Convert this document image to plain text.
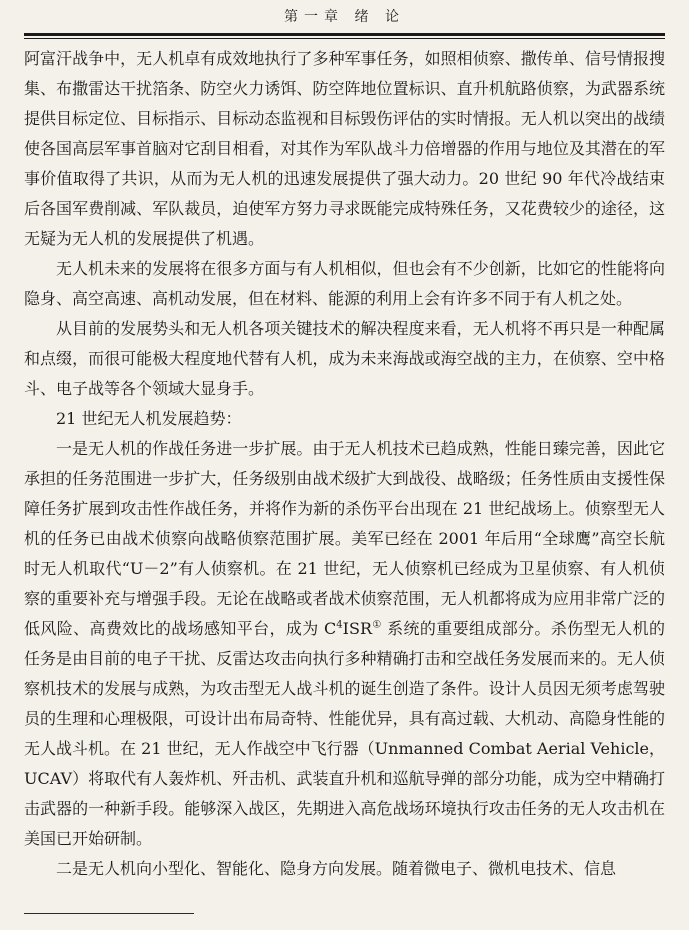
第一章 绪 论

阿富汗战争中，无人机卓有成效地执行了多种军事任务，如照相侦察、撒传单、信号情报搜集、布撒雷达干扰箔条、防空火力诱饵、防空阵地位置标识、直升机航路侦察，为武器系统提供目标定位、目标指示、目标动态监视和目标毁伤评估的实时情报。无人机以突出的战绩使各国高层军事首脑对它刮目相看，对其作为军队战斗力倍增器的作用与地位及其潜在的军事价值取得了共识，从而为无人机的迅速发展提供了强大动力。20 世纪 90 年代冷战结束后各国军费削减、军队裁员，迫使军方努力寻求既能完成特殊任务，又花费较少的途径，这无疑为无人机的发展提供了机遇。

无人机未来的发展将在很多方面与有人机相似，但也会有不少创新，比如它的性能将向隐身、高空高速、高机动发展，但在材料、能源的利用上会有许多不同于有人机之处。

从目前的发展势头和无人机各项关键技术的解决程度来看，无人机将不再只是一种配属和点缀，而很可能极大程度地代替有人机，成为未来海战或海空战的主力，在侦察、空中格斗、电子战等各个领域大显身手。

21 世纪无人机发展趋势：

一是无人机的作战任务进一步扩展。由于无人机技术已趋成熟，性能日臻完善，因此它承担的任务范围进一步扩大，任务级别由战术级扩大到战役、战略级；任务性质由支援性保障任务扩展到攻击性作战任务，并将作为新的杀伤平台出现在 21 世纪战场上。侦察型无人机的任务已由战术侦察向战略侦察范围扩展。美军已经在 2001 年后用“全球鹰”高空长航时无人机取代“U－2”有人侦察机。在 21 世纪，无人侦察机已经成为卫星侦察、有人机侦察的重要补充与增强手段。无论在战略或者战术侦察范围，无人机都将成为应用非常广泛的低风险、高费效比的战场感知平台，成为 $C^4ISR^①$ 系统的重要组成部分。杀伤型无人机的任务是由目前的电子干扰、反雷达攻击向执行多种精确打击和空战任务发展而来的。无人侦察机技术的发展与成熟，为攻击型无人战斗机的诞生创造了条件。设计人员因无须考虑驾驶员的生理和心理极限，可设计出布局奇特、性能优异，具有高过载、大机动、高隐身性能的无人战斗机。在 21 世纪，无人作战空中飞行器（Unmanned Combat Aerial Vehicle，UCAV）将取代有人轰炸机、歼击机、武装直升机和巡航导弹的部分功能，成为空中精确打击武器的一种新手段。能够深入战区，先期进入高危战场环境执行攻击任务的无人攻击机在美国已开始研制。

二是无人机向小型化、智能化、隐身方向发展。随着微电子、微机电技术、信息
